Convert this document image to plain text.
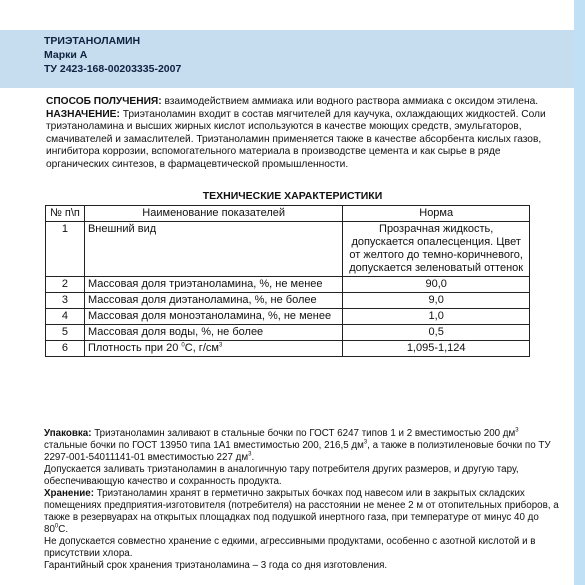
ТРИЭТАНОЛАМИН
Марки А
ТУ 2423-168-00203335-2007

СПОСОБ ПОЛУЧЕНИЯ: взаимодействием аммиака или водного раствора аммиака с оксидом этилена.

НАЗНАЧЕНИЕ: Триэтаноламин входит в состав мягчителей для каучука, охлаждающих жидкостей. Соли триэтаноламина и высших жирных кислот используются в качестве моющих средств, эмульгаторов, смачивателей и замаслителей. Триэтаноламин применяется также в качестве абсорбента кислых газов, ингибитора коррозии, вспомогательного материала в производстве цемента и как сырье в ряде органических синтезов, в фармацевтической промышленности.

ТЕХНИЧЕСКИЕ ХАРАКТЕРИСТИКИ
№ п\п	Наименование показателей	Норма
1	Внешний вид	Прозрачная жидкость, допускается опалесценция. Цвет от желтого до темно-коричневого, допускается зеленоватый оттенок
2	Массовая доля триэтаноламина, %, не менее	90,0
3	Массовая доля диэтаноламина, %, не более	9,0
4	Массовая доля моноэтаноламина, %, не менее	1,0
5	Массовая доля воды, %, не более	0,5
6	Плотность при 20 $^0$С, $г/см^3$	1,095-1,124

Упаковка: Триэтаноламин заливают в стальные бочки по ГОСТ 6247 типов 1 и 2 вместимостью 200 $дм^3$ стальные бочки по ГОСТ 13950 типа 1А1 вместимостью 200, 216,5 $дм^3$, а также в полиэтиленовые бочки по ТУ 2297-001-54011141-01 вместимостью 227 $дм^3$.

Допускается заливать триэтаноламин в аналогичную тару потребителя других размеров, и другую тару, обеспечивающую качество и сохранность продукта.

Хранение: Триэтаноламин хранят в герметично закрытых бочках под навесом или в закрытых складских помещениях предприятия-изготовителя (потребителя) на расстоянии не менее 2 м от отопительных приборов, а также в резервуарах на открытых площадках под подушкой инертного газа, при температуре от минус 40 до $80^0С$.

Не допускается совместно хранение с едкими, агрессивными продуктами, особенно с азотной кислотой и в присутствии хлора.

Гарантийный срок хранения триэтаноламина – 3 года со дня изготовления.
